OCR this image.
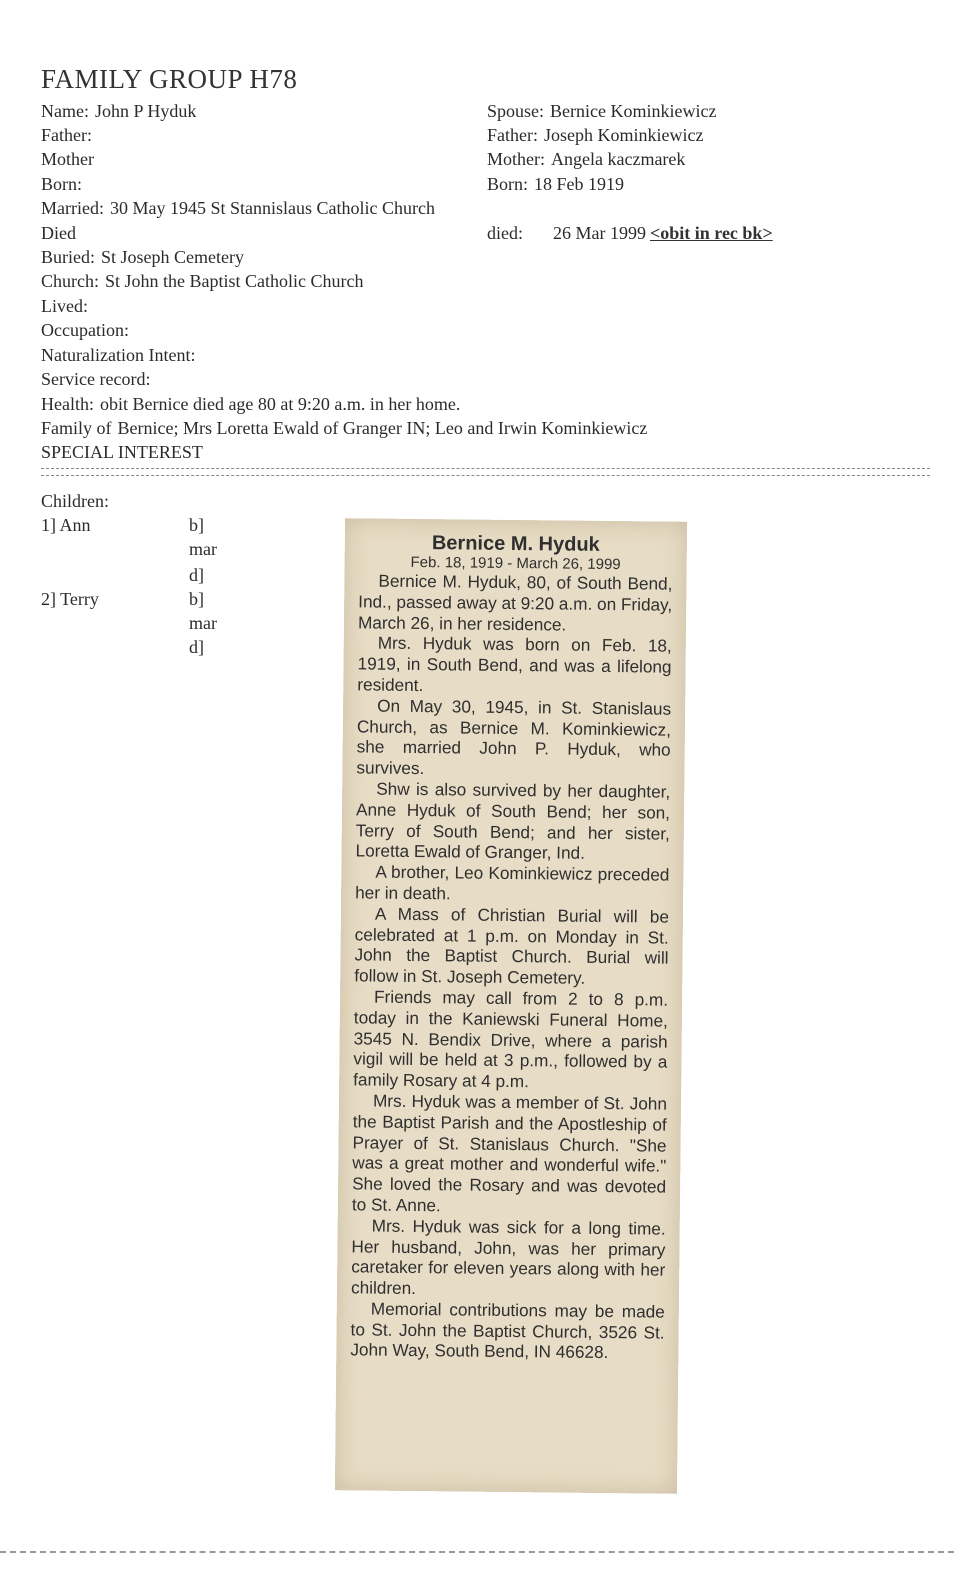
FAMILY GROUP H78
Name: John P Hyduk
Father:
Mother
Born:
Married: 30 May 1945 St Stannislaus Catholic Church
Died
Buried: St Joseph Cemetery
Church: St John the Baptist Catholic Church
Lived:
Occupation:
Naturalization Intent:
Service record:
Health: obit Bernice died age 80 at 9:20 a.m. in her home.
Family of Bernice; Mrs Loretta Ewald of Granger IN; Leo and Irwin Kominkiewicz
SPECIAL INTEREST
Spouse: Bernice Kominkiewicz
Father: Joseph Kominkiewicz
Mother: Angela kaczmarek
Born: 18 Feb 1919
died: 26 Mar 1999 <obit in rec bk>
Children:
1] Ann	b]
mar
d]
2] Terry	b]
mar
d]
Bernice M. Hyduk
Feb. 18, 1919 - March 26, 1999

Bernice M. Hyduk, 80, of South Bend, Ind., passed away at 9:20 a.m. on Friday, March 26, in her residence.

Mrs. Hyduk was born on Feb. 18, 1919, in South Bend, and was a lifelong resident.

On May 30, 1945, in St. Stanislaus Church, as Bernice M. Kominkiewicz, she married John P. Hyduk, who survives.

Shw is also survived by her daughter, Anne Hyduk of South Bend; her son, Terry of South Bend; and her sister, Loretta Ewald of Granger, Ind.

A brother, Leo Kominkiewicz preceded her in death.

A Mass of Christian Burial will be celebrated at 1 p.m. on Monday in St. John the Baptist Church. Burial will follow in St. Joseph Cemetery.

Friends may call from 2 to 8 p.m. today in the Kaniewski Funeral Home, 3545 N. Bendix Drive, where a parish vigil will be held at 3 p.m., followed by a family Rosary at 4 p.m.

Mrs. Hyduk was a member of St. John the Baptist Parish and the Apostleship of Prayer of St. Stanislaus Church. "She was a great mother and wonderful wife." She loved the Rosary and was devoted to St. Anne.

Mrs. Hyduk was sick for a long time. Her husband, John, was her primary caretaker for eleven years along with her children.

Memorial contributions may be made to St. John the Baptist Church, 3526 St. John Way, South Bend, IN 46628.
